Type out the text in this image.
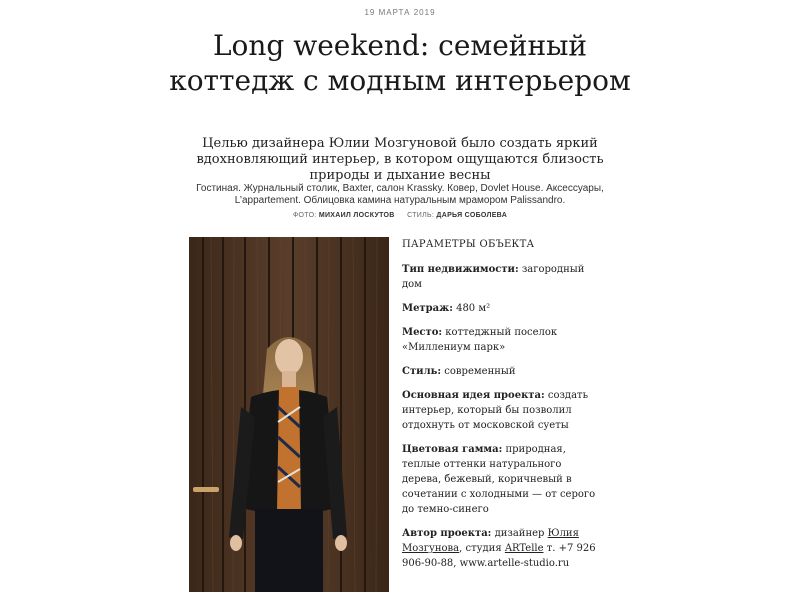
19 МАРТА 2019
Long weekend: семейный коттедж с модным интерьером
Целью дизайнера Юлии Мозгуновой было создать яркий вдохновляющий интерьер, в котором ощущаются близость природы и дыхание весны
Гостиная. Журнальный столик, Baxter, салон Krassky. Ковер, Dovlet House. Аксессуары, L’appartement. Облицовка камина натуральным мрамором Palissandro.
ФОТО: МИХАИЛ ЛОСКУТОВ СТИЛЬ: ДАРЬЯ СОБОЛЕВА
ПАРАМЕТРЫ ОБЪЕКТА
Тип недвижимости: загородный дом
Метраж: 480 м²
Место: коттеджный поселок «Миллениум парк»
Стиль: современный
Основная идея проекта: создать интерьер, который бы позволил отдохнуть от московской суеты
Цветовая гамма: природная, теплые оттенки натурального дерева, бежевый, коричневый в сочетании с холодными — от серого до темно-синего
Автор проекта: дизайнер Юлия Мозгунова, студия ARTelle т. +7 926 906-90-88, www.artelle-studio.ru
